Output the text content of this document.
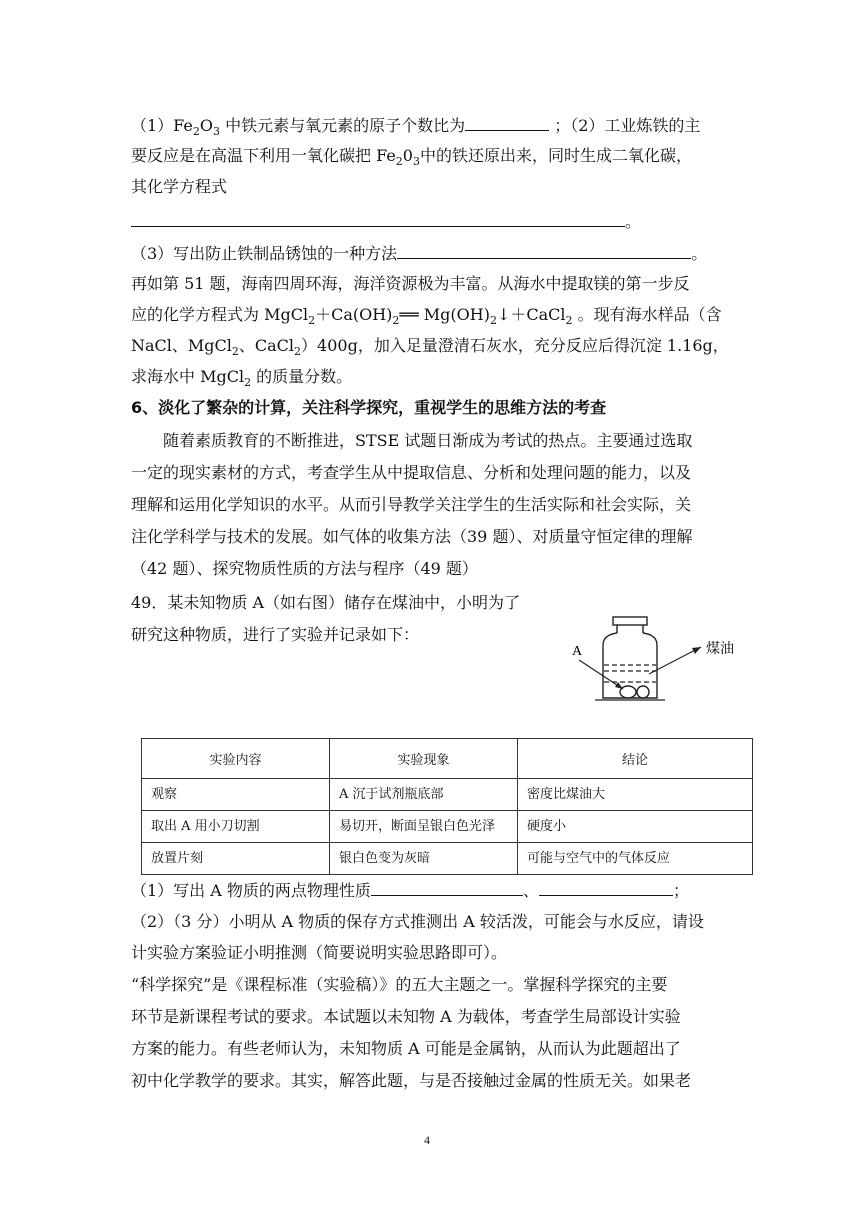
$(1)Fe_2O_3$ 中铁元素与氧元素的原子个数比为	；（2）工业炼铁的主
要反应是在高温下利用一氧化碳把 $Fe_20_3$中的铁还原出来，同时生成二氧化碳，
其化学方程式
。
（3）写出防止铁制品锈蚀的一种方法	。
再如第 51 题，海南四周环海，海洋资源极为丰富。从海水中提取镁的第一步反
应的化学方程式为 $MgCl_2+Ca(OH)_2══$ $Mg(OH)_2↓+CaCl_2$ 。现有海水样品（含
NaCl、MgCl$_2$、CaCl$_2$）400g，加入足量澄清石灰水，充分反应后得沉淀 1.16g，
求海水中 MgCl$_2$ 的质量分数。
6、淡化了繁杂的计算，关注科学探究，重视学生的思维方法的考查
　　随着素质教育的不断推进，STSE 试题日渐成为考试的热点。主要通过选取
一定的现实素材的方式，考查学生从中提取信息、分析和处理问题的能力，以及
理解和运用化学知识的水平。从而引导教学关注学生的生活实际和社会实际，关
注化学科学与技术的发展。如气体的收集方法（39 题）、对质量守恒定律的理解
（42 题）、探究物质性质的方法与程序（49 题）
49．某未知物质 A（如右图）储存在煤油中，小明为了
研究这种物质，进行了实验并记录如下：
A	煤油
实验内容	实验现象	结论
观察	A 沉于试剂瓶底部	密度比煤油大
取出 A 用小刀切割	易切开，断面呈银白色光泽	硬度小
放置片刻	银白色变为灰暗	可能与空气中的气体反应
（1）写出 A 物质的两点物理性质	、	；
（2）（3 分）小明从 A 物质的保存方式推测出 A 较活泼，可能会与水反应，请设
计实验方案验证小明推测（简要说明实验思路即可）。
“科学探究”是《课程标准（实验稿）》的五大主题之一。掌握科学探究的主要
环节是新课程考试的要求。本试题以未知物 A 为载体，考查学生局部设计实验
方案的能力。有些老师认为，未知物质 A 可能是金属钠，从而认为此题超出了
初中化学教学的要求。其实，解答此题，与是否接触过金属的性质无关。如果老
4
